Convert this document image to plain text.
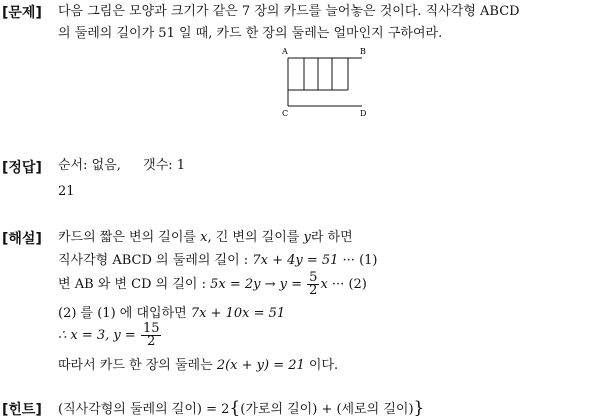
[문제] 다음 그림은 모양과 크기가 같은 7 장의 카드를 늘어놓은 것이다. 직사각형 ABCD
의 둘레의 길이가 51 일 때, 카드 한 장의 둘레는 얼마인지 구하여라.
A	B
C	D
[정답] 순서: 없음, 갯수: 1
21
[해설] 카드의 짧은 변의 길이를 x, 긴 변의 길이를 y라 하면
직사각형 ABCD 의 둘레의 길이 : 7x + 4y = 51 ··· (1)
변 AB 와 변 CD 의 길이 : $5x = 2y \to y = \frac{5}{2}$ x ··· (2)
(2) 를 (1) 에 대입하면 7x + 10x = 51
∴ x = 3, $y = \frac{15}{2}$
따라서 카드 한 장의 둘레는 2(x + y) = 21 이다.
[힌트] (직사각형의 둘레의 길이) = 2{(가로의 길이) + (세로의 길이)}
